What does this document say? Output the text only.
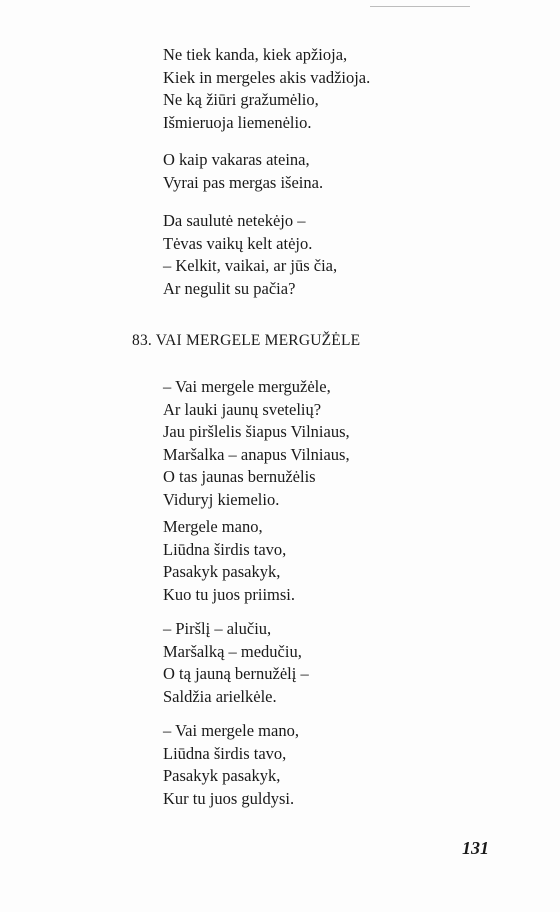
Ne tiek kanda, kiek apžioja,
Kiek in mergeles akis vadžioja.
Ne ką žiūri gražumėlio,
Išmieruoja liemenėlio.
O kaip vakaras ateina,
Vyrai pas mergas išeina.
Da saulutė netekėjo –
Tėvas vaikų kelt atėjo.
– Kelkit, vaikai, ar jūs čia,
Ar negulit su pačia?
83. VAI MERGELE MERGUŽĖLE
– Vai mergele mergužėle,
Ar lauki jaunų svetelių?
Jau piršlelis šiapus Vilniaus,
Maršalka – anapus Vilniaus,
O tas jaunas bernužėlis
Viduryj kiemelio.
Mergele mano,
Liūdna širdis tavo,
Pasakyk pasakyk,
Kuo tu juos priimsi.
– Piršlį – alučiu,
Maršalką – medučiu,
O tą jauną bernužėlį –
Saldžia arielkėle.
– Vai mergele mano,
Liūdna širdis tavo,
Pasakyk pasakyk,
Kur tu juos guldysi.
131
